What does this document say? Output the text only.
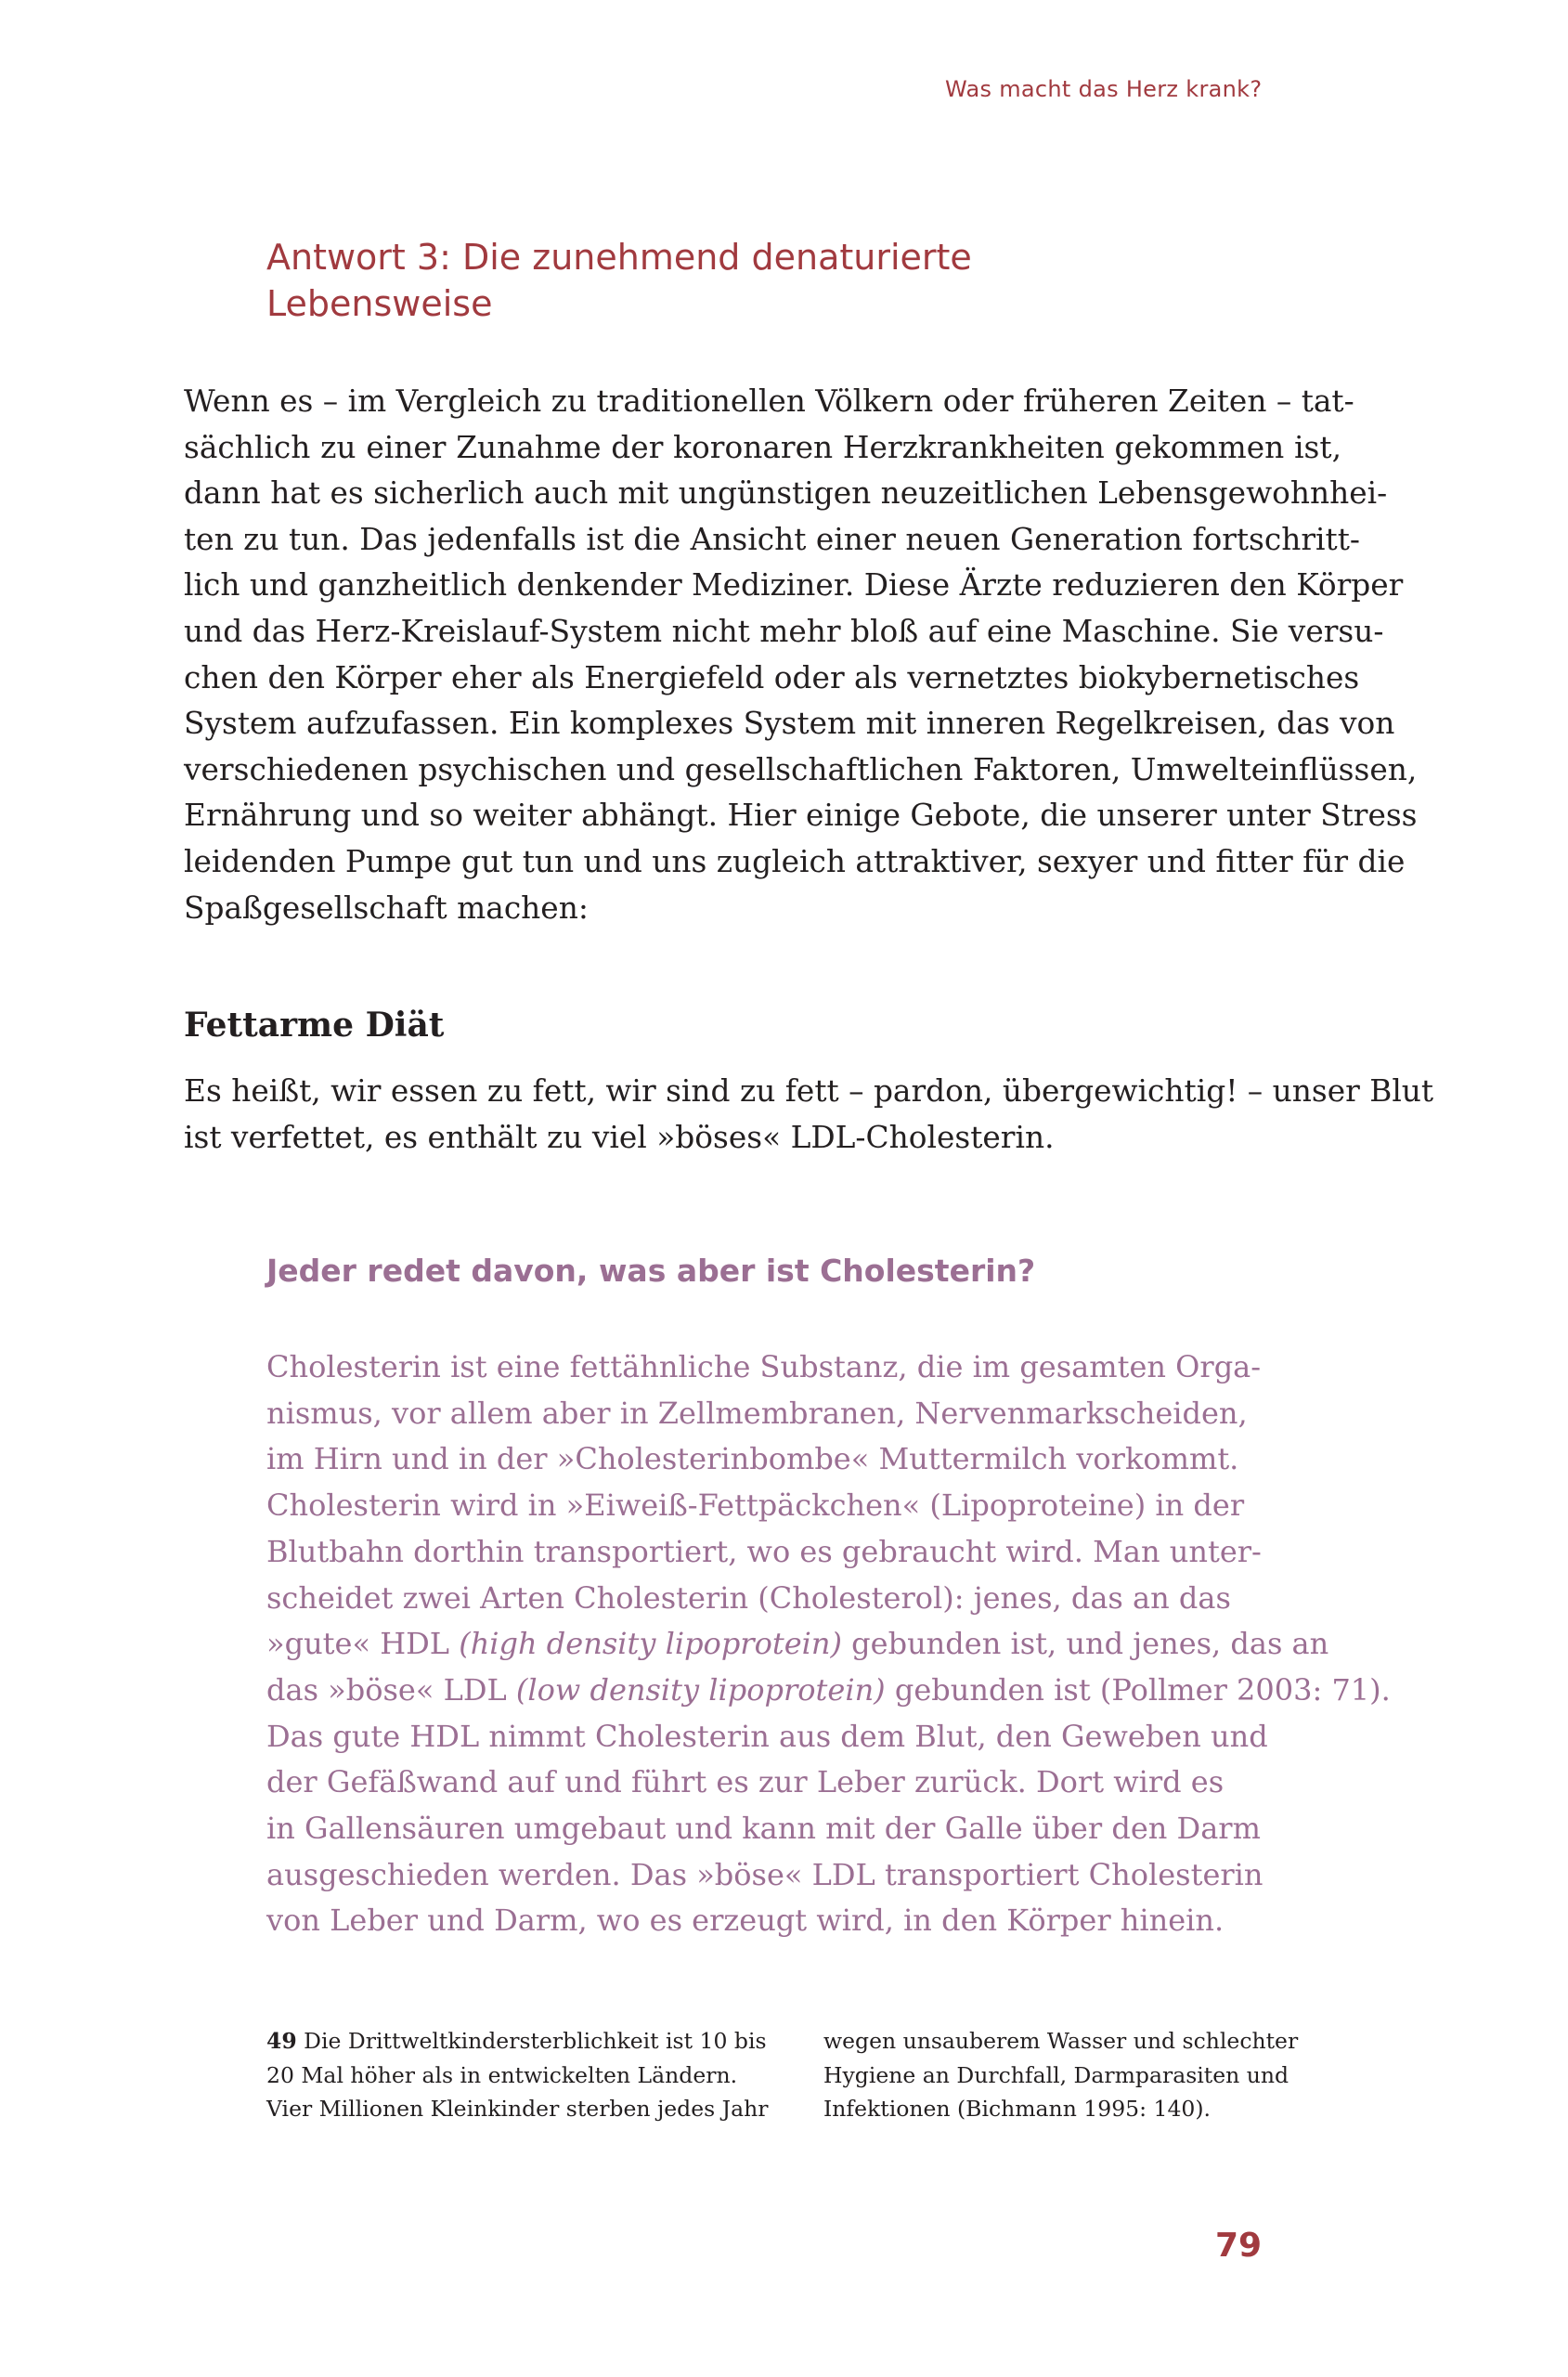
Was macht das Herz krank?
Antwort 3: Die zunehmend denaturierte
Lebensweise

Wenn es – im Vergleich zu traditionellen Völkern oder früheren Zeiten – tat-
sächlich zu einer Zunahme der koronaren Herzkrankheiten gekommen ist,
dann hat es sicherlich auch mit ungünstigen neuzeitlichen Lebensgewohnhei-
ten zu tun. Das jedenfalls ist die Ansicht einer neuen Generation fortschritt-
lich und ganzheitlich denkender Mediziner. Diese Ärzte reduzieren den Körper
und das Herz-Kreislauf-System nicht mehr bloß auf eine Maschine. Sie versu-
chen den Körper eher als Energiefeld oder als vernetztes biokybernetisches
System aufzufassen. Ein komplexes System mit inneren Regelkreisen, das von
verschiedenen psychischen und gesellschaftlichen Faktoren, Umwelteinflüssen,
Ernährung und so weiter abhängt. Hier einige Gebote, die unserer unter Stress
leidenden Pumpe gut tun und uns zugleich attraktiver, sexyer und fitter für die
Spaßgesellschaft machen:

Fettarme Diät

Es heißt, wir essen zu fett, wir sind zu fett – pardon, übergewichtig! – unser Blut
ist verfettet, es enthält zu viel »böses« LDL-Cholesterin.

Jeder redet davon, was aber ist Cholesterin?

Cholesterin ist eine fettähnliche Substanz, die im gesamten Orga-
nismus, vor allem aber in Zellmembranen, Nervenmarkscheiden,
im Hirn und in der »Cholesterinbombe« Muttermilch vorkommt.
Cholesterin wird in »Eiweiß-Fettpäckchen« (Lipoproteine) in der
Blutbahn dorthin transportiert, wo es gebraucht wird. Man unter-
scheidet zwei Arten Cholesterin (Cholesterol): jenes, das an das
»gute« HDL (high density lipoprotein) gebunden ist, und jenes, das an
das »böse« LDL (low density lipoprotein) gebunden ist (Pollmer 2003: 71).
Das gute HDL nimmt Cholesterin aus dem Blut, den Geweben und
der Gefäßwand auf und führt es zur Leber zurück. Dort wird es
in Gallensäuren umgebaut und kann mit der Galle über den Darm
ausgeschieden werden. Das »böse« LDL transportiert Cholesterin
von Leber und Darm, wo es erzeugt wird, in den Körper hinein.

49 Die Drittweltkindersterblichkeit ist 10 bis
20 Mal höher als in entwickelten Ländern.
Vier Millionen Kleinkinder sterben jedes Jahr

wegen unsauberem Wasser und schlechter
Hygiene an Durchfall, Darmparasiten und
Infektionen (Bichmann 1995: 140).

79
